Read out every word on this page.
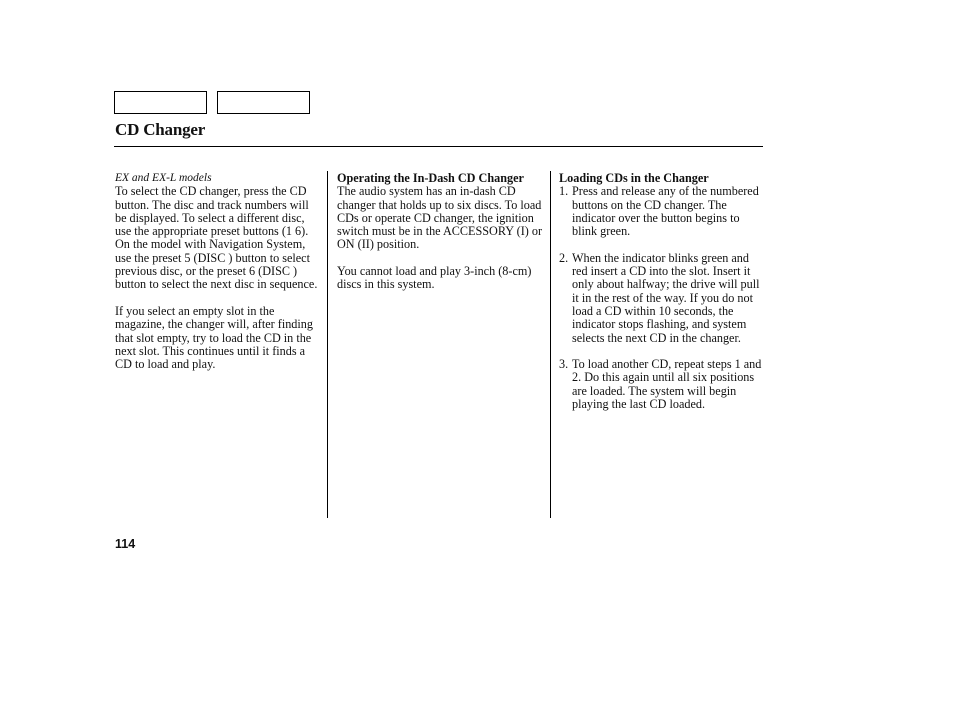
CD Changer

EX and EX-L models

To select the CD changer, press the CD button. The disc and track numbers will be displayed. To select a different disc, use the appropriate preset buttons (1 6). On the model with Navigation System, use the preset 5 (DISC ) button to select previous disc, or the preset 6 (DISC ) button to select the next disc in sequence.

If you select an empty slot in the magazine, the changer will, after finding that slot empty, try to load the CD in the next slot. This continues until it finds a CD to load and play.

Operating the In-Dash CD Changer

The audio system has an in-dash CD changer that holds up to six discs. To load CDs or operate CD changer, the ignition switch must be in the ACCESSORY (I) or ON (II) position.

You cannot load and play 3-inch (8-cm) discs in this system.

Loading CDs in the Changer

1. Press and release any of the numbered buttons on the CD changer. The indicator over the button begins to blink green.
2. When the indicator blinks green and red insert a CD into the slot. Insert it only about halfway; the drive will pull it in the rest of the way. If you do not load a CD within 10 seconds, the indicator stops flashing, and system selects the next CD in the changer.
3. To load another CD, repeat steps 1 and 2. Do this again until all six positions are loaded. The system will begin playing the last CD loaded.
114
